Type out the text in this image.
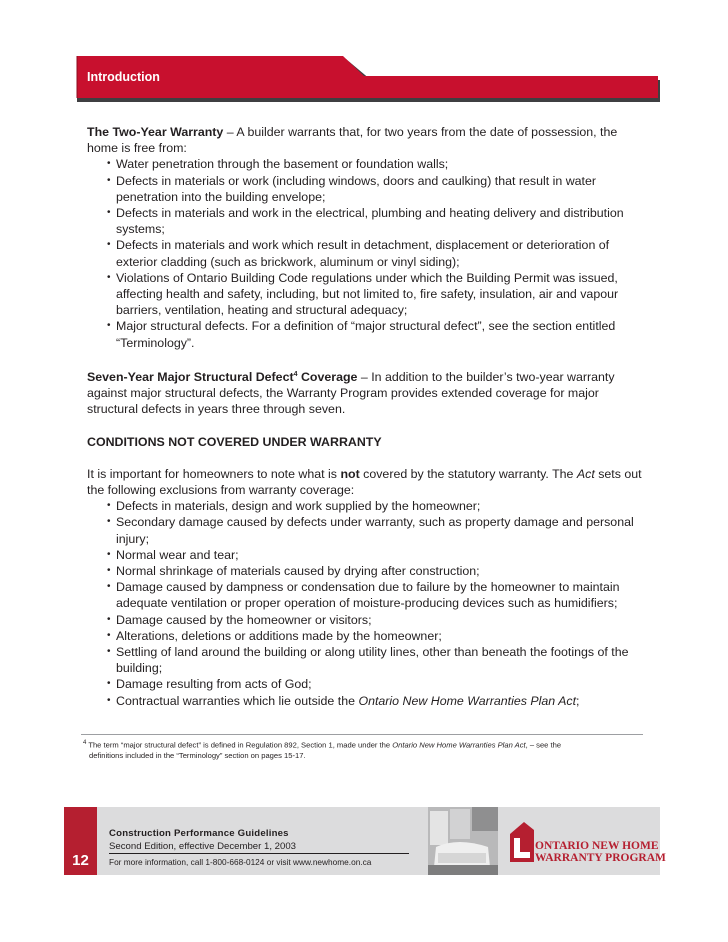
Introduction

The Two-Year Warranty – A builder warrants that, for two years from the date of possession, the home is free from:

• Water penetration through the basement or foundation walls;
• Defects in materials or work (including windows, doors and caulking) that result in water penetration into the building envelope;
• Defects in materials and work in the electrical, plumbing and heating delivery and distribution systems;
• Defects in materials and work which result in detachment, displacement or deterioration of exterior cladding (such as brickwork, aluminum or vinyl siding);
• Violations of Ontario Building Code regulations under which the Building Permit was issued, affecting health and safety, including, but not limited to, fire safety, insulation, air and vapour barriers, ventilation, heating and structural adequacy;
• Major structural defects. For a definition of “major structural defect”, see the section entitled “Terminology”.

Seven-Year Major Structural Defect$^4$ Coverage – In addition to the builder’s two-year warranty against major structural defects, the Warranty Program provides extended coverage for major structural defects in years three through seven.

CONDITIONS NOT COVERED UNDER WARRANTY

It is important for homeowners to note what is not covered by the statutory warranty. The Act sets out the following exclusions from warranty coverage:

• Defects in materials, design and work supplied by the homeowner;
• Secondary damage caused by defects under warranty, such as property damage and personal injury;
• Normal wear and tear;
• Normal shrinkage of materials caused by drying after construction;
• Damage caused by dampness or condensation due to failure by the homeowner to maintain adequate ventilation or proper operation of moisture-producing devices such as humidifiers;
• Damage caused by the homeowner or visitors;
• Alterations, deletions or additions made by the homeowner;
• Settling of land around the building or along utility lines, other than beneath the footings of the building;
• Damage resulting from acts of God;
• Contractual warranties which lie outside the Ontario New Home Warranties Plan Act;
$^4$ The term “major structural defect” is defined in Regulation 892, Section 1, made under the Ontario New Home Warranties Plan Act, – see the
definitions included in the “Terminology” section on pages 15-17.
12
Construction Performance Guidelines
Second Edition, effective December 1, 2003
For more information, call 1-800-668-0124 or visit www.newhome.on.ca
ONTARIO NEW HOME
WARRANTY PROGRAM
